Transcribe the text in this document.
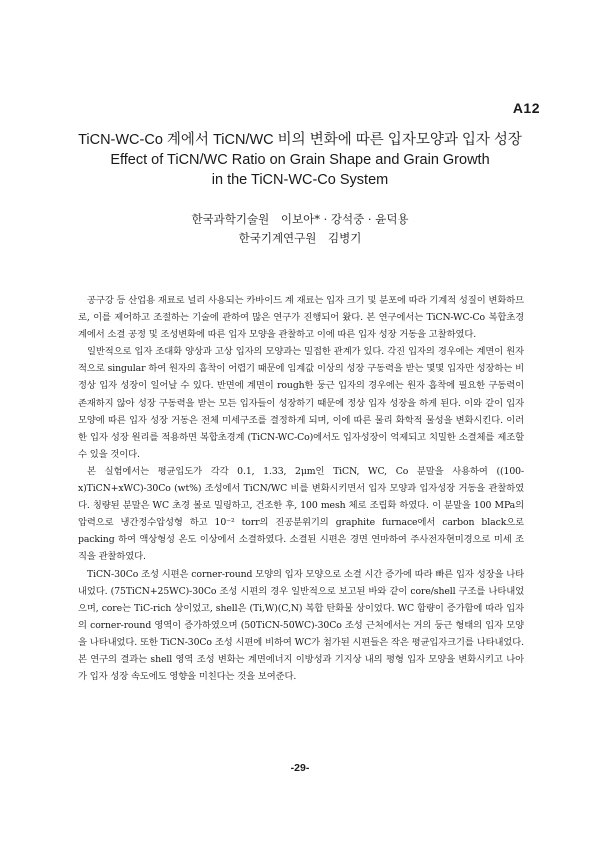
A12
TiCN-WC-Co 계에서 TiCN/WC 비의 변화에 따른 입자모양과 입자 성장
Effect of TiCN/WC Ratio on Grain Shape and Grain Growth
in the TiCN-WC-Co System
한국과학기술원 이보아* · 강석중 · 윤덕용
한국기계연구원 김병기

공구강 등 산업용 재료로 널리 사용되는 카바이드 계 재료는 입자 크기 및 분포에 따라 기계적 성질이 변화하므로, 이를 제어하고 조절하는 기술에 관하여 많은 연구가 진행되어 왔다. 본 연구에서는 TiCN-WC-Co 복합초경계에서 소결 공정 및 조성변화에 따른 입자 모양을 관찰하고 이에 따른 입자 성장 거동을 고찰하였다.

일반적으로 입자 조대화 양상과 고상 입자의 모양과는 밀접한 관계가 있다. 각진 입자의 경우에는 계면이 원자적으로 singular 하여 원자의 흡착이 어렵기 때문에 임계값 이상의 성장 구동력을 받는 몇몇 입자만 성장하는 비정상 입자 성장이 일어날 수 있다. 반면에 계면이 rough한 둥근 입자의 경우에는 원자 흡착에 필요한 구동력이 존재하지 않아 성장 구동력을 받는 모든 입자들이 성장하기 때문에 정상 입자 성장을 하게 된다. 이와 같이 입자 모양에 따른 입자 성장 거동은 전체 미세구조를 결정하게 되며, 이에 따른 물리 화학적 물성을 변화시킨다. 이러한 입자 성장 원리를 적용하면 복합초경계 (TiCN-WC-Co)에서도 입자성장이 억제되고 치밀한 소결체를 제조할 수 있을 것이다.

본 실험에서는 평균입도가 각각 0.1, 1.33, 2μm인 TiCN, WC, Co 분말을 사용하여 ((100-x)TiCN+xWC)-30Co (wt%) 조성에서 TiCN/WC 비를 변화시키면서 입자 모양과 입자성장 거동을 관찰하였다. 칭량된 분말은 WC 초경 볼로 밀링하고, 건조한 후, 100 mesh 체로 조립화 하였다. 이 분말을 100 MPa의 압력으로 냉간정수압성형 하고 10⁻² torr의 진공분위기의 graphite furnace에서 carbon black으로 packing 하여 액상형성 온도 이상에서 소결하였다. 소결된 시편은 경면 연마하여 주사전자현미경으로 미세 조직을 관찰하였다.

TiCN-30Co 조성 시편은 corner-round 모양의 입자 모양으로 소결 시간 증가에 따라 빠른 입자 성장을 나타내었다. (75TiCN+25WC)-30Co 조성 시편의 경우 일반적으로 보고된 바와 같이 core/shell 구조를 나타내었으며, core는 TiC-rich 상이었고, shell은 (Ti,W)(C,N) 복합 탄화물 상이었다. WC 함량이 증가함에 따라 입자의 corner-round 영역이 증가하였으며 (50TiCN-50WC)-30Co 조성 근처에서는 거의 둥근 형태의 입자 모양을 나타내었다. 또한 TiCN-30Co 조성 시편에 비하여 WC가 첨가된 시편들은 작은 평균입자크기를 나타내었다. 본 연구의 결과는 shell 영역 조성 변화는 계면에너지 이방성과 기지상 내의 평형 입자 모양을 변화시키고 나아가 입자 성장 속도에도 영향을 미친다는 것을 보여준다.

-29-
